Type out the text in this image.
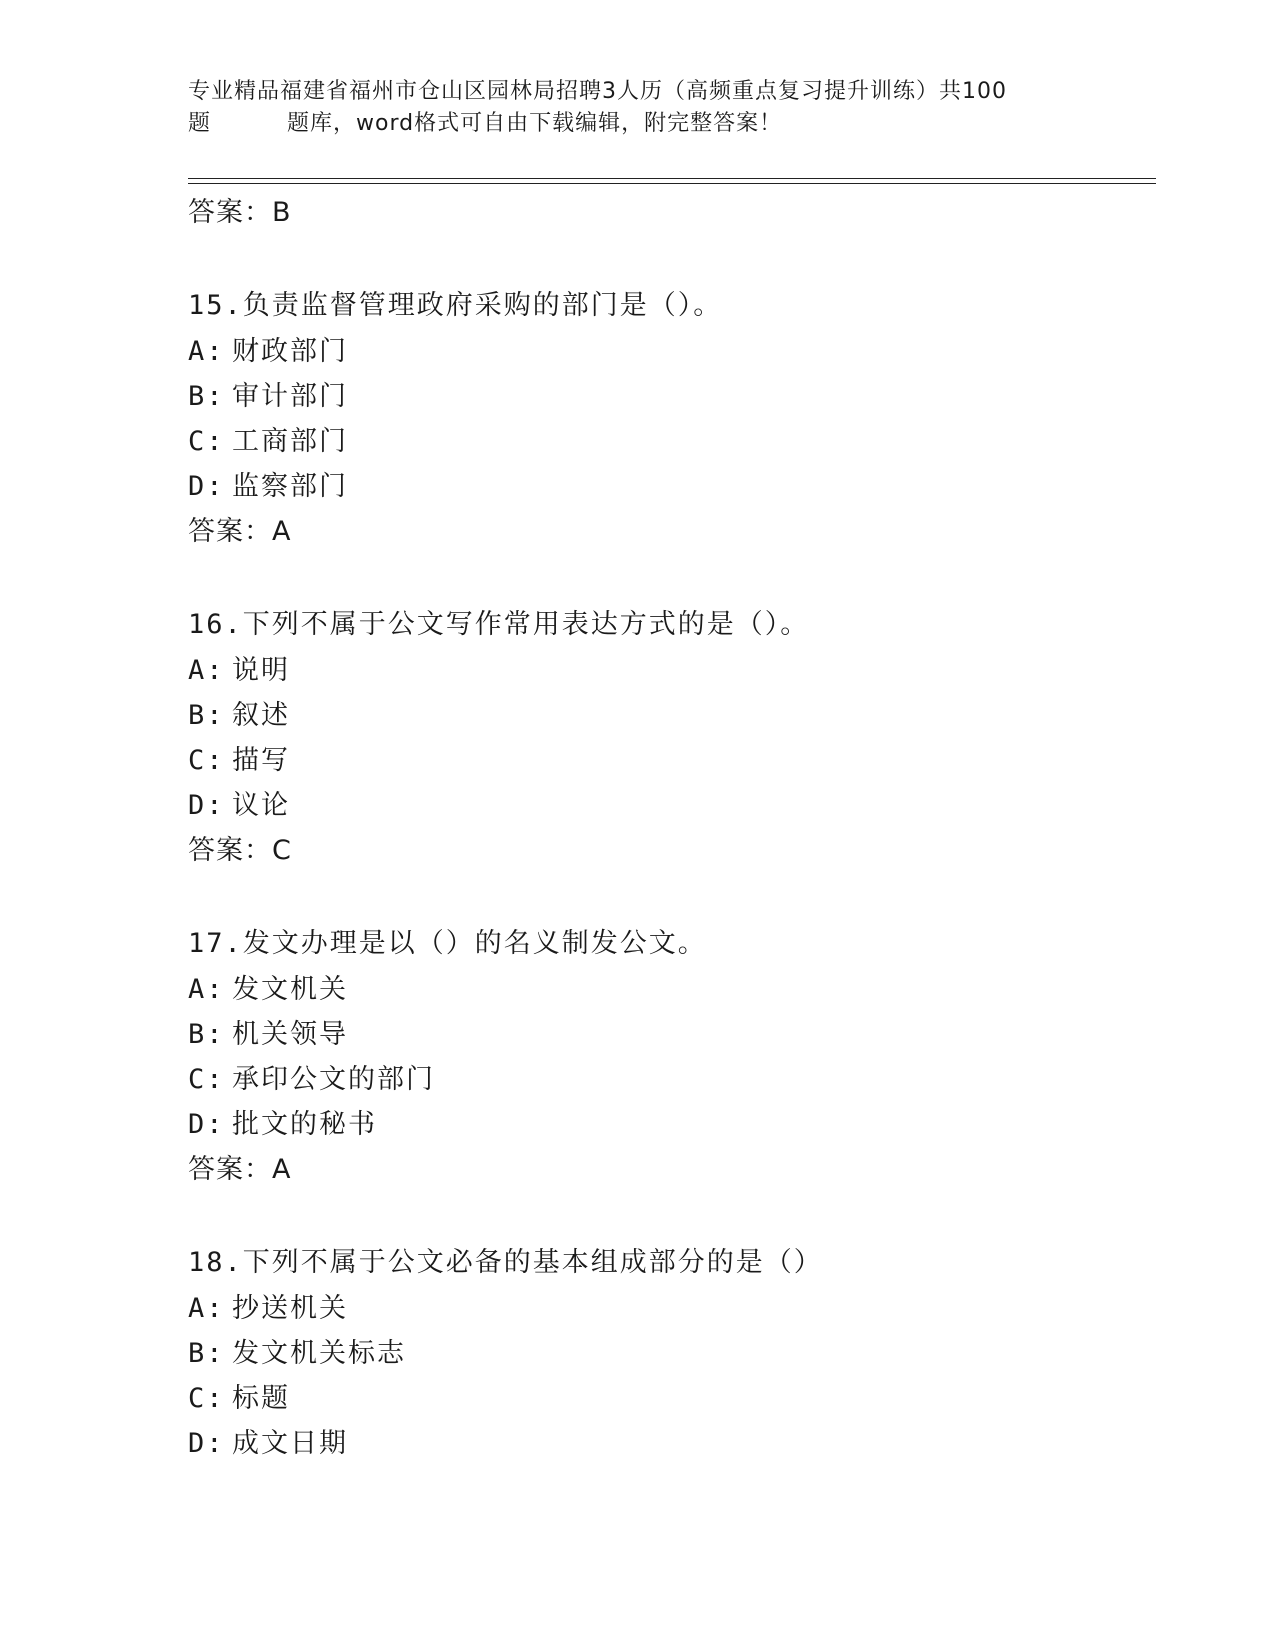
专业精品福建省福州市仓山区园林局招聘3人历（高频重点复习提升训练）共100
题	题库，word格式可自由下载编辑，附完整答案！
答案：B
15.负责监督管理政府采购的部门是（）。
A: 财政部门
B: 审计部门
C: 工商部门
D: 监察部门
答案：A
16.下列不属于公文写作常用表达方式的是（）。
A: 说明
B: 叙述
C: 描写
D: 议论
答案：C
17.发文办理是以（）的名义制发公文。
A: 发文机关
B: 机关领导
C: 承印公文的部门
D: 批文的秘书
答案：A
18.下列不属于公文必备的基本组成部分的是（）
A: 抄送机关
B: 发文机关标志
C: 标题
D: 成文日期
